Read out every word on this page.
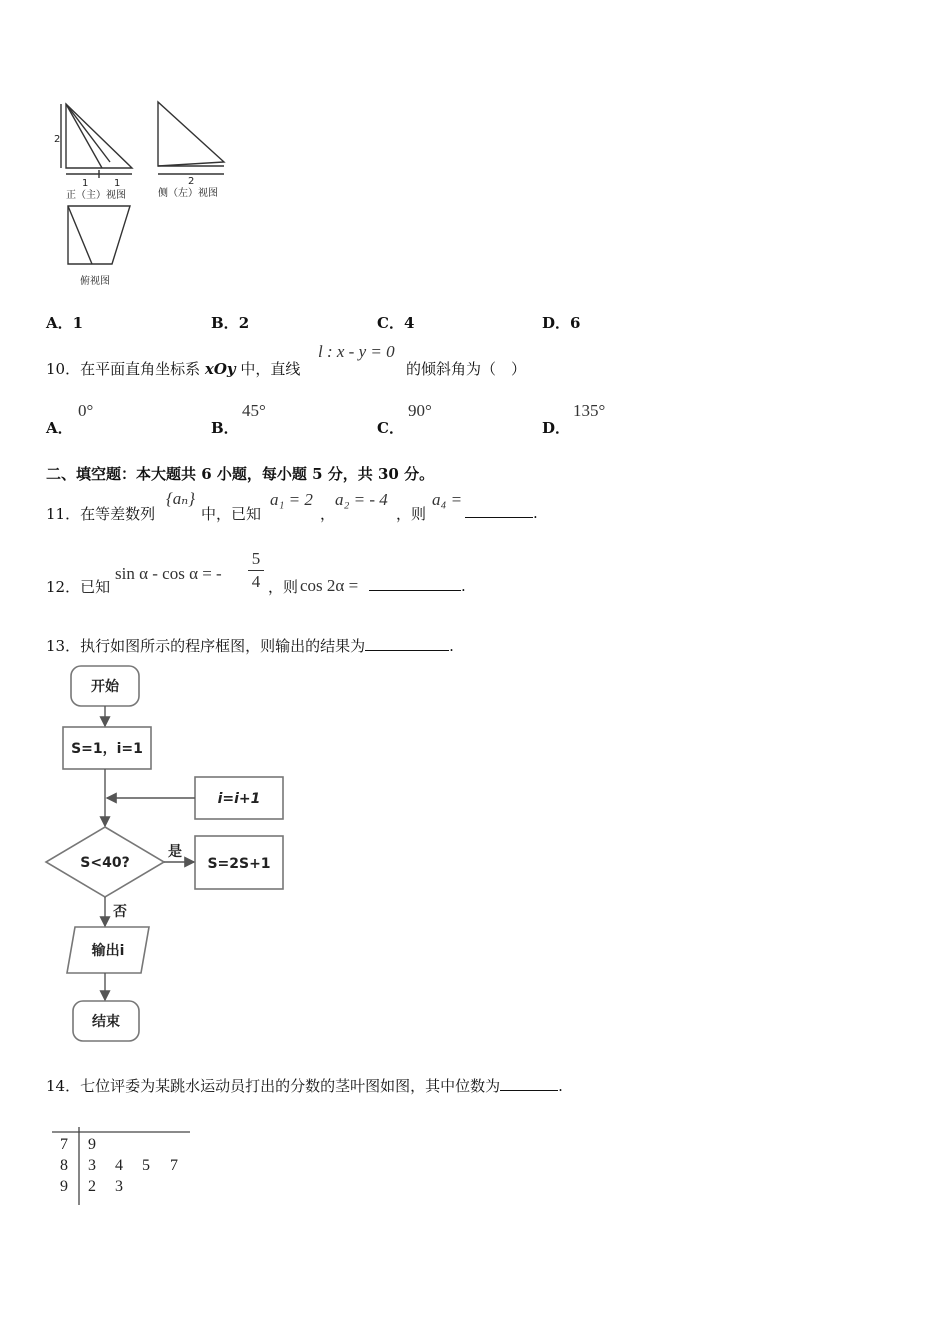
2
1	1
正（主）视图
2
侧（左）视图
俯视图
A．1	B．2	C．4	D．6
10．在平面直角坐标系 xOy 中，直线
l : x - y = 0
的倾斜角为（　）
A．
0°
B．
45°
C．
90°
D．
135°
二、填空题：本大题共 6 小题，每小题 5 分，共 30 分。
11．在等差数列
{aₙ}
中，已知
a₁ = 2
，
a₂ = - 4
，则
a₄ =
.
12．已知
sin α - cos α = -
5
4 ，则 cos 2α =	.
13．执行如图所示的程序框图，则输出的结果为	.
开始
S=1，i=1
i=i+1
S<40?
是
S=2S+1
否
输出i
结束
14．七位评委为某跳水运动员打出的分数的茎叶图如图，其中位数为	.
7 9
8 3 4 5 7
9 2 3
